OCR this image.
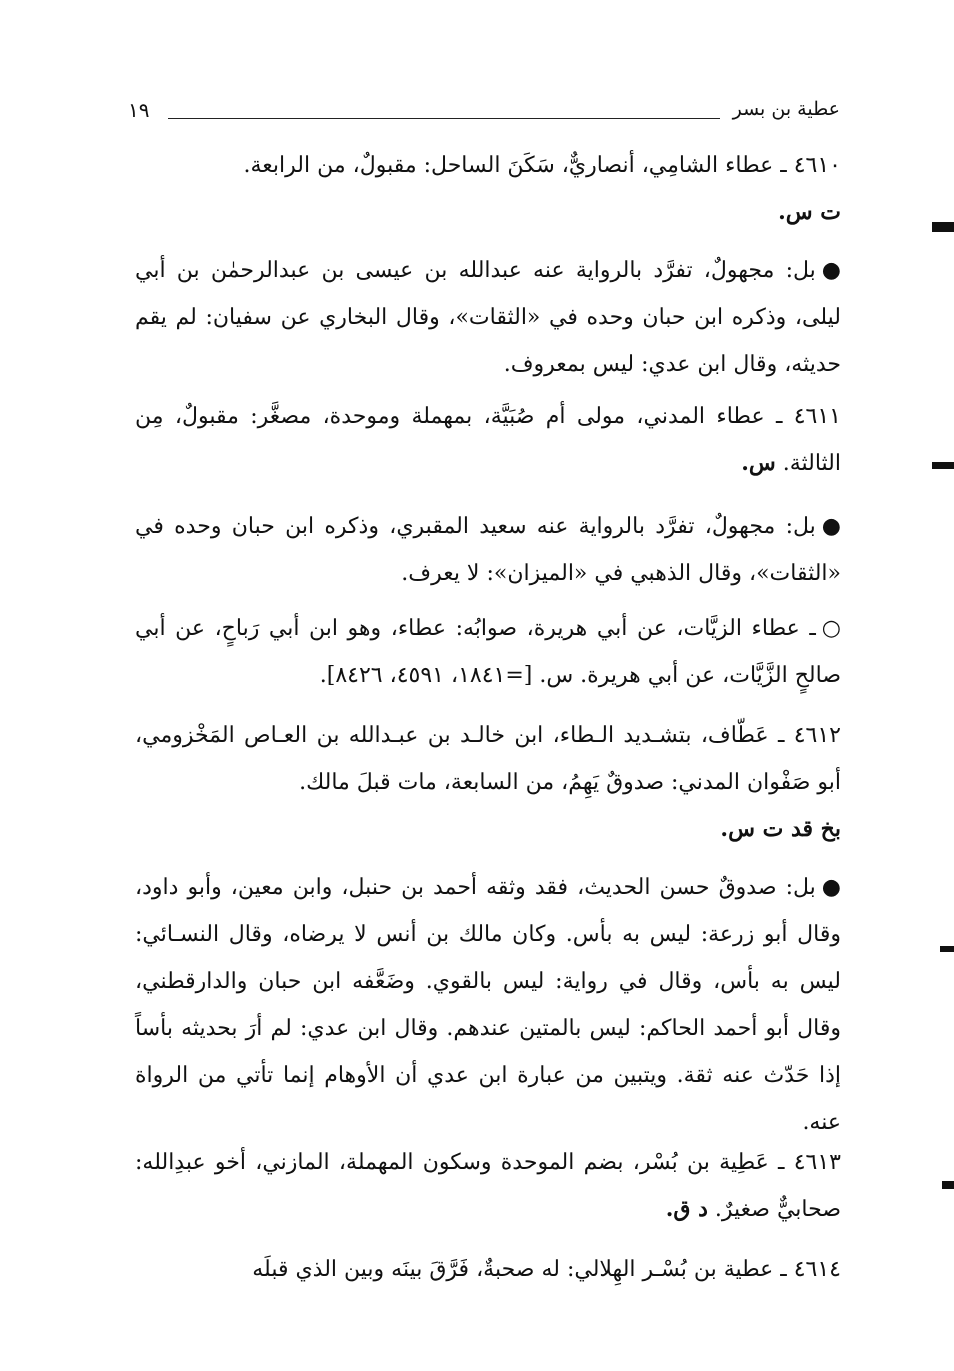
١٩	عطية بن بسر
٤٦١٠ ـ عطاء الشامِي، أنصاريٌّ، سَكَنَ الساحل: مقبولٌ، من الرابعة.
ت س.
●بل: مجهولٌ، تفرَّد بالرواية عنه عبدالله بن عيسى بن عبدالرحمٰن بن أبي ليلى، وذكره ابن حبان وحده في «الثقات»، وقال البخاري عن سفيان: لم يقم حديثه، وقال ابن عدي: ليس بمعروف.
٤٦١١ ـ عطاء المدني، مولى أم صُبَيَّة، بمهملة وموحدة، مصغَّر: مقبولٌ، مِن الثالثة. س.
●بل: مجهولٌ، تفرَّد بالرواية عنه سعيد المقبري، وذكره ابن حبان وحده في «الثقات»، وقال الذهبي في «الميزان»: لا يعرف.
○ـ عطاء الزيَّات، عن أبي هريرة، صوابُه: عطاء، وهو ابن أبي رَباحٍ، عن أبي صالحٍ الزَّيَّات، عن أبي هريرة. س. [=١٨٤١، ٤٥٩١، ٨٤٢٦].
٤٦١٢ ـ عَطّاف، بتشـديد الـطاء، ابن خالـد بن عبـدالله بن العـاص المَخْزومي، أبو صَفْوان المدني: صدوقٌ يَهِمُ، من السابعة، مات قبلَ مالك.
بخ قد ت س.
●بل: صدوقٌ حسن الحديث، فقد وثقه أحمد بن حنبل، وابن معين، وأبو داود، وقال أبو زرعة: ليس به بأس. وكان مالك بن أنس لا يرضاه، وقال النسـائي: ليس به بأس، وقال في رواية: ليس بالقوي. وضَعَّفه ابن حبان والدارقطني، وقال أبو أحمد الحاكم: ليس بالمتين عندهم. وقال ابن عدي: لم أرَ بحديثه بأساً إذا حَدّث عنه ثقة. ويتبين من عبارة ابن عدي أن الأوهام إنما تأتي من الرواة عنه.
٤٦١٣ ـ عَطِية بن بُسْر، بضم الموحدة وسكون المهملة، المازني، أخو عبدِالله: صحابيٌّ صغيرٌ. د ق.
٤٦١٤ ـ عطية بن بُسْـر الهِلالي: له صحبةٌ، فَرَّقَ بينَه وبين الذي قبلَه
